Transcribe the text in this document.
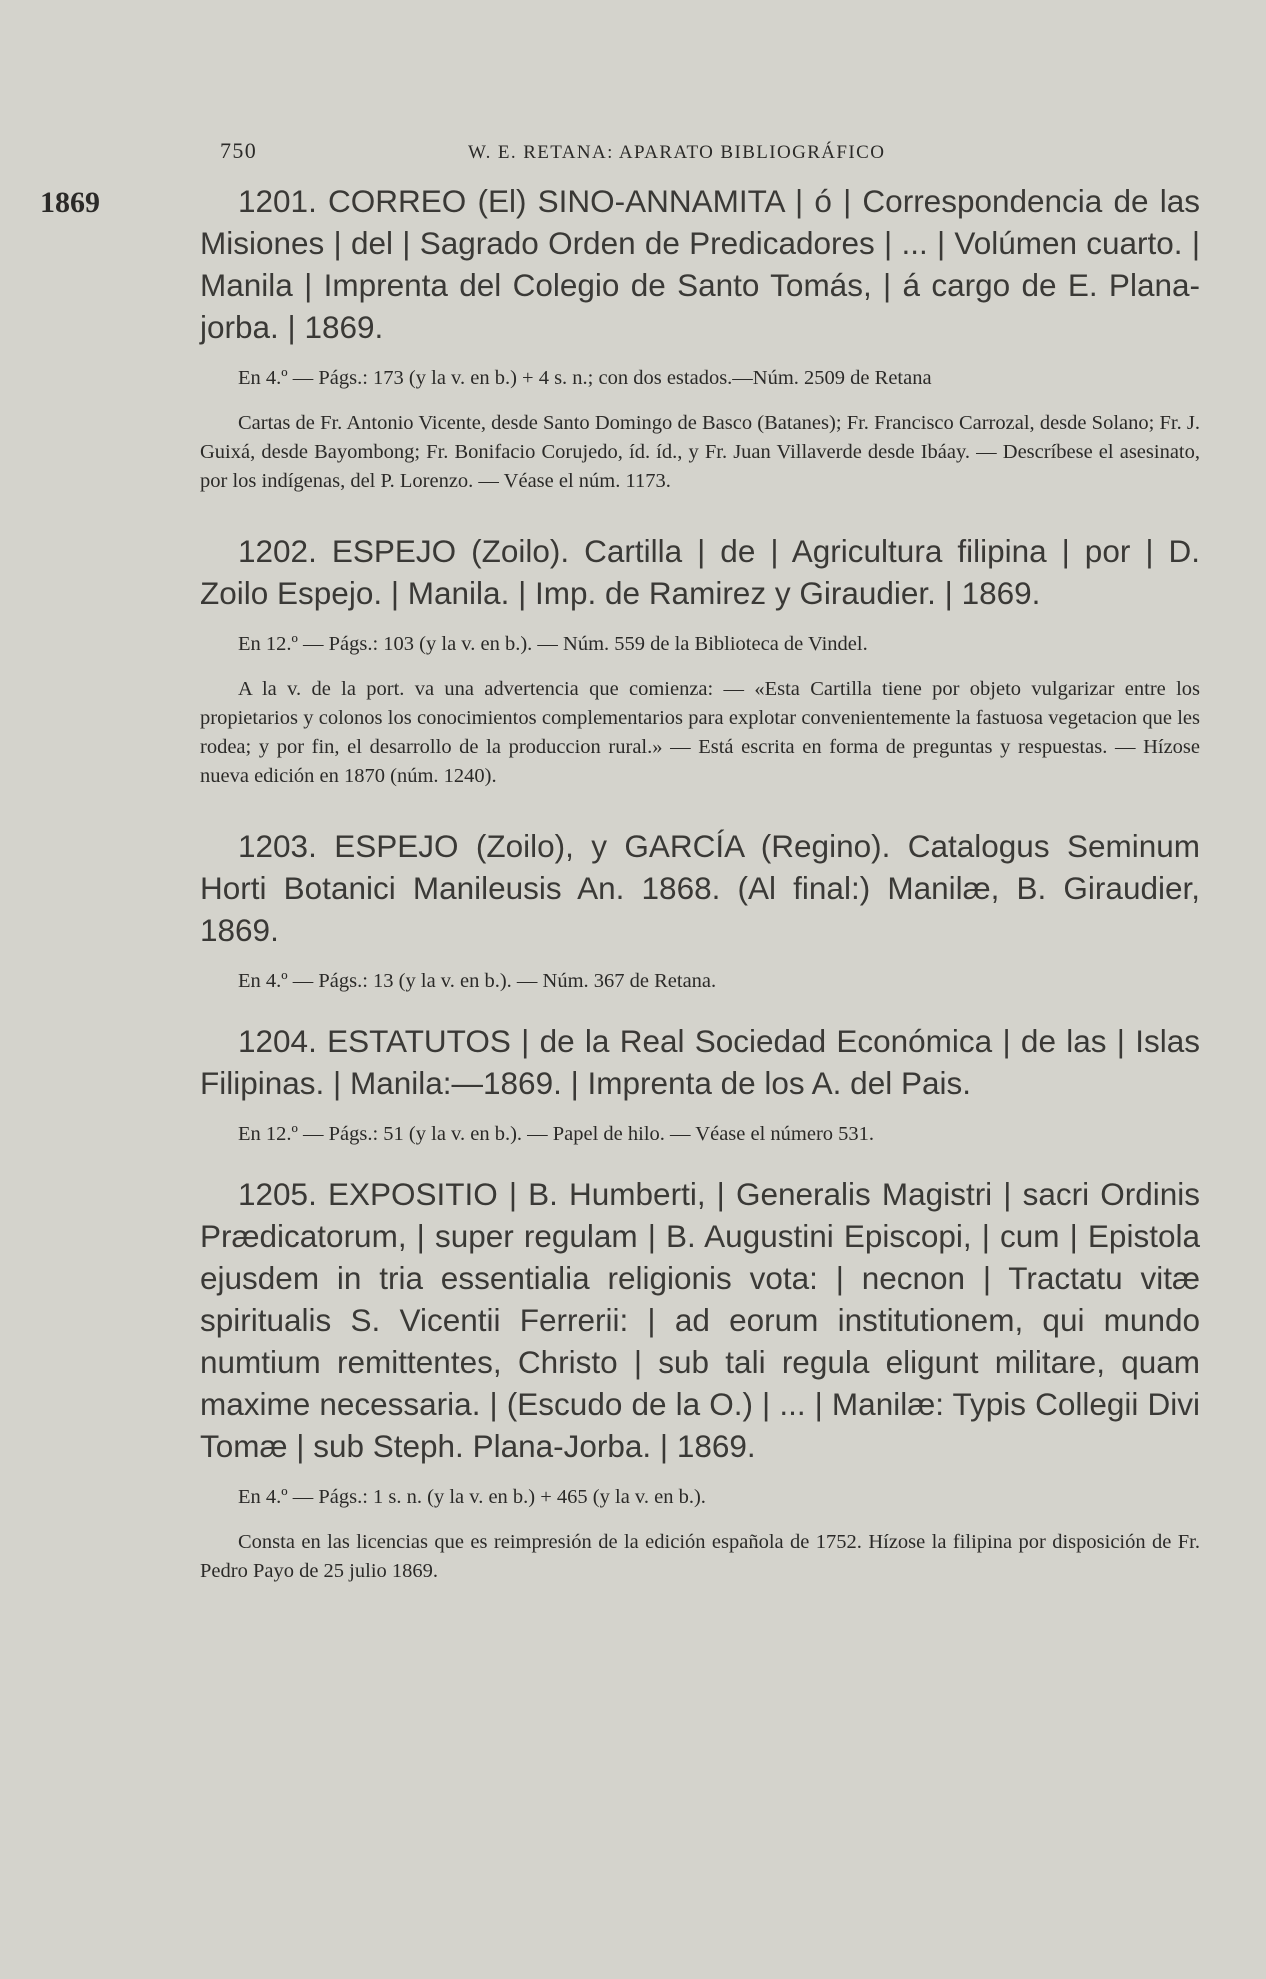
750	W. E. RETANA: APARATO BIBLIOGRÁFICO
1869	1201. CORREO (El) SINO-ANNAMITA | ó | Correspondencia de las Misiones | del | Sagrado Orden de Predicadores | ... | Volúmen cuarto. | Manila | Imprenta del Colegio de Santo Tomás, | á cargo de E. Plana-jorba. | 1869.

En 4.º — Págs.: 173 (y la v. en b.) + 4 s. n.; con dos estados.—Núm. 2509 de Retana

Cartas de Fr. Antonio Vicente, desde Santo Domingo de Basco (Batanes); Fr. Francisco Carrozal, desde Solano; Fr. J. Guixá, desde Bayombong; Fr. Bonifacio Corujedo, íd. íd., y Fr. Juan Villaverde desde Ibáay. — Descríbese el asesinato, por los indígenas, del P. Lorenzo. — Véase el núm. 1173.

1202. ESPEJO (Zoilo). Cartilla | de | Agricultura filipina | por | D. Zoilo Espejo. | Manila. | Imp. de Ramirez y Giraudier. | 1869.

En 12.º — Págs.: 103 (y la v. en b.). — Núm. 559 de la Biblioteca de Vindel.

A la v. de la port. va una advertencia que comienza: — «Esta Cartilla tiene por objeto vulgarizar entre los propietarios y colonos los conocimientos complementarios para explotar convenientemente la fastuosa vegetacion que les rodea; y por fin, el desarrollo de la produccion rural.» — Está escrita en forma de preguntas y respuestas. — Hízose nueva edición en 1870 (núm. 1240).

1203. ESPEJO (Zoilo), y GARCÍA (Regino). Catalogus Seminum Horti Botanici Manileusis An. 1868. (Al final:) Manilæ, B. Giraudier, 1869.

En 4.º — Págs.: 13 (y la v. en b.). — Núm. 367 de Retana.

1204. ESTATUTOS | de la Real Sociedad Económica | de las | Islas Filipinas. | Manila:—1869. | Imprenta de los A. del Pais.

En 12.º — Págs.: 51 (y la v. en b.). — Papel de hilo. — Véase el número 531.

1205. EXPOSITIO | B. Humberti, | Generalis Magistri | sacri Ordinis Prædicatorum, | super regulam | B. Augustini Episcopi, | cum | Epistola ejusdem in tria essentialia religionis vota: | necnon | Tractatu vitæ spiritualis S. Vicentii Ferrerii: | ad eorum institutionem, qui mundo numtium remittentes, Christo | sub tali regula eligunt militare, quam maxime necessaria. | (Escudo de la O.) | ... | Manilæ: Typis Collegii Divi Tomæ | sub Steph. Plana-Jorba. | 1869.

En 4.º — Págs.: 1 s. n. (y la v. en b.) + 465 (y la v. en b.).

Consta en las licencias que es reimpresión de la edición española de 1752. Hízose la filipina por disposición de Fr. Pedro Payo de 25 julio 1869.
